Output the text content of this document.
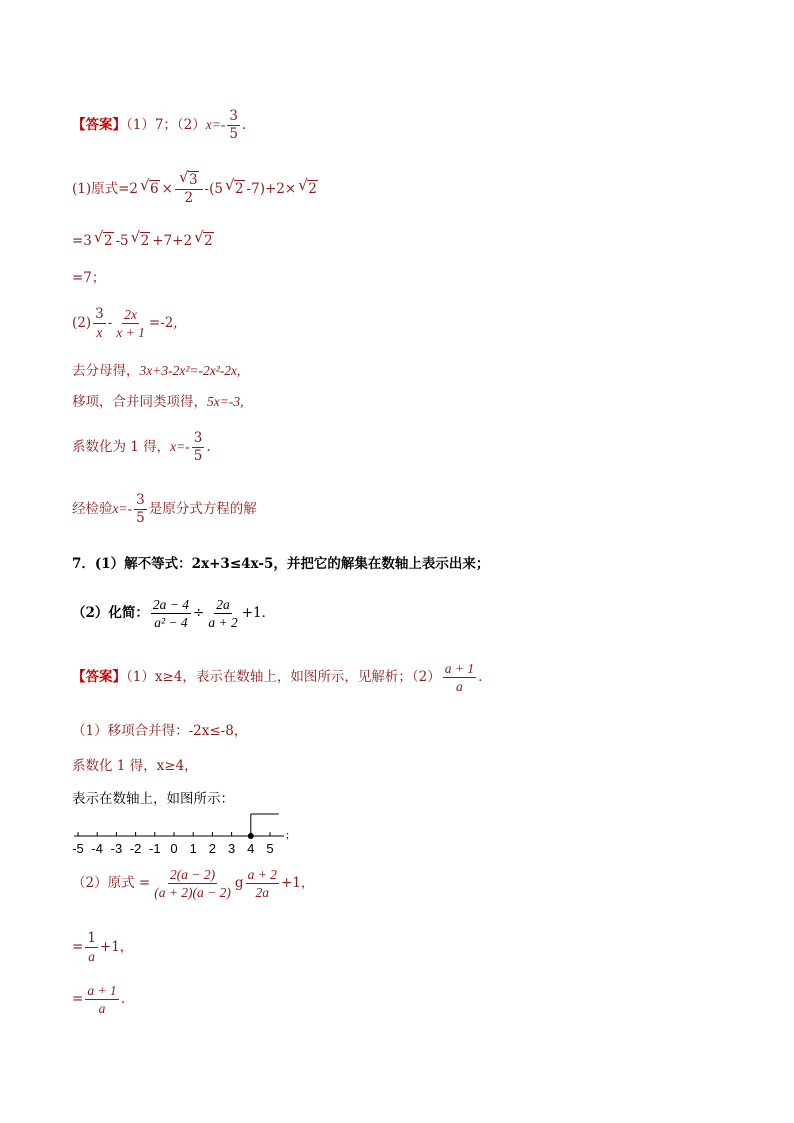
【答案】（1）7；$(2)x=- \frac{3}{5}$ .
(1)原式=2 √ $6 \times \frac{√ 3}{2} -(5$ √ 2 -7)+2× √ 2
=3 √ 2 -5 √ 2 +7+2 √ 2
=7；
$(2) \frac{3}{x} - \frac{2x}{x + 1} =-2$,
去分母得，3x+3-2x²=-2x²-2x,
移项，合并同类项得，5x=-3,
系数化为 1 得，$x=- \frac{3}{5}$ .
经检验$x=- \frac{3}{5}$ 是原分式方程的解
7．(1）解不等式：2x+3≤4x-5，并把它的解集在数轴上表示出来；
（2）化简： $\frac{2a - 4}{\text{a² − 4}} \div \frac{2a}{a + 2} +1$．
【答案】（1）x≥4，表示在数轴上，如图所示，见解析；$(2) \frac{a + 1}{a}$ .
（1）移项合并得：-2x≤-8，
系数化 1 得，x≥4，
表示在数轴上，如图所示：
-5 -4 -3 -2 -1 0 1 2 3 4 5
;
（2）原式 = $\frac{2(a - 2)}{(a + 2)(a - 2)}$ g $\frac{a + 2}{2a} +1$，
= $\frac{1}{a} +1$，
= $\frac{a + 1}{a}$ .
